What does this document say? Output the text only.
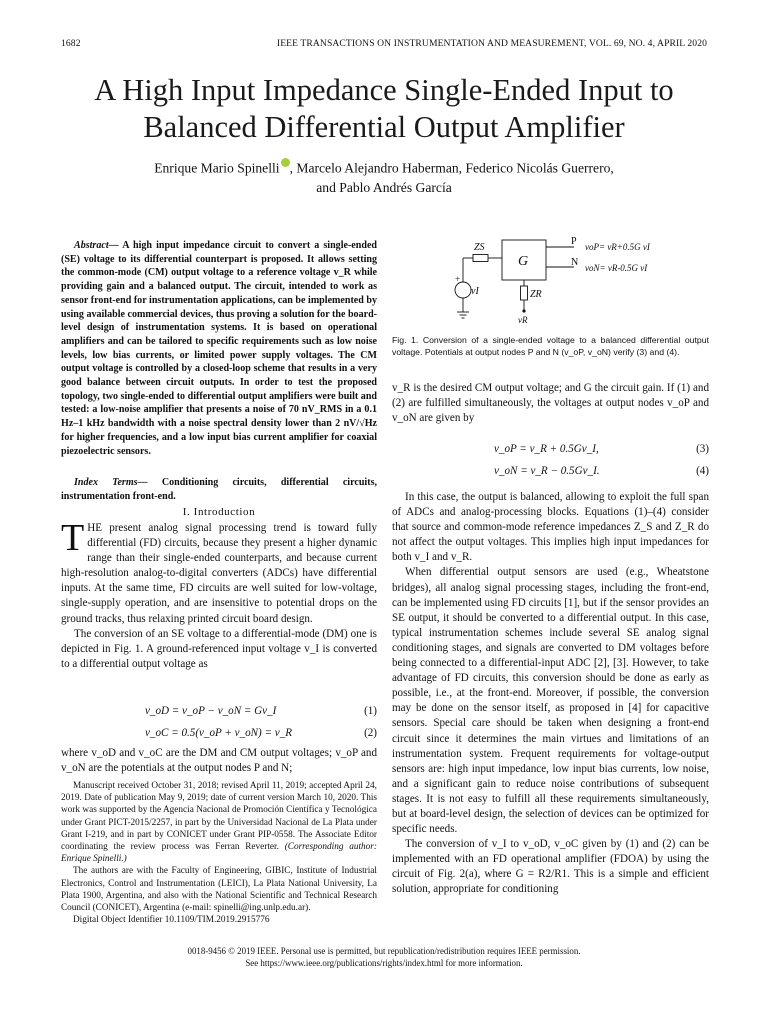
1682	IEEE TRANSACTIONS ON INSTRUMENTATION AND MEASUREMENT, VOL. 69, NO. 4, APRIL 2020
A High Input Impedance Single-Ended Input to
Balanced Differential Output Amplifier
Enrique Mario Spinelli , Marcelo Alejandro Haberman, Federico Nicolás Guerrero,
and Pablo Andrés García

Abstract— A high input impedance circuit to convert a single-ended (SE) voltage to its differential counterpart is proposed. It allows setting the common-mode (CM) output voltage to a reference voltage v_R while providing gain and a balanced output. The circuit, intended to work as sensor front-end for instrumentation applications, can be implemented by using available commercial devices, thus proving a solution for the board-level design of instrumentation systems. It is based on operational amplifiers and can be tailored to specific requirements such as low noise levels, low bias currents, or limited power supply voltages. The CM output voltage is controlled by a closed-loop scheme that results in a very good balance between circuit outputs. In order to test the proposed topology, two single-ended to differential output amplifiers were built and tested: a low-noise amplifier that presents a noise of 70 nV_RMS in a 0.1 Hz–1 kHz bandwidth with a noise spectral density lower than 2 nV/√Hz for higher frequencies, and a low input bias current amplifier for coaxial piezoelectric sensors.

Index Terms— Conditioning circuits, differential circuits, instrumentation front-end.

I. Introduction

THE present analog signal processing trend is toward fully differential (FD) circuits, because they present a higher dynamic range than their single-ended counterparts, and because current high-resolution analog-to-digital converters (ADCs) have differential inputs. At the same time, FD circuits are well suited for low-voltage, single-supply operation, and are insensitive to potential drops on the ground tracks, thus relaxing printed circuit board design.

The conversion of an SE voltage to a differential-mode (DM) one is depicted in Fig. 1. A ground-referenced input voltage v_I is converted to a differential output voltage as

v_oD = v_oP − v_oN = Gv_I	(1)
v_oC = 0.5(v_oP + v_oN) = v_R	(2)

where v_oD and v_oC are the DM and CM output voltages; v_oP and v_oN are the potentials at the output nodes P and N;

Manuscript received October 31, 2018; revised April 11, 2019; accepted April 24, 2019. Date of publication May 9, 2019; date of current version March 10, 2020. This work was supported by the Agencia Nacional de Promoción Científica y Tecnológica under Grant PICT-2015/2257, in part by the Universidad Nacional de La Plata under Grant I-219, and in part by CONICET under Grant PIP-0558. The Associate Editor coordinating the review process was Ferran Reverter. (Corresponding author: Enrique Spinelli.)

The authors are with the Faculty of Engineering, GIBIC, Institute of Industrial Electronics, Control and Instrumentation (LEICI), La Plata National University, La Plata 1900, Argentina, and also with the National Scientific and Technical Research Council (CONICET), Argentina (e-mail: spinelli@ing.unlp.edu.ar).

Digital Object Identifier 10.1109/TIM.2019.2915776

ZS
G
ZR
vI
vR
+
P
N
voP= vR+0.5G vI
voN= vR-0.5G vI

Fig. 1. Conversion of a single-ended voltage to a balanced differential output voltage. Potentials at output nodes P and N (v_oP, v_oN) verify (3) and (4).

v_R is the desired CM output voltage; and G the circuit gain. If (1) and (2) are fulfilled simultaneously, the voltages at output nodes v_oP and v_oN are given by

v_oP = v_R + 0.5Gv_I,	(3)
v_oN = v_R − 0.5Gv_I.	(4)

In this case, the output is balanced, allowing to exploit the full span of ADCs and analog-processing blocks. Equations (1)–(4) consider that source and common-mode reference impedances Z_S and Z_R do not affect the output voltages. This implies high input impedances for both v_I and v_R.

When differential output sensors are used (e.g., Wheatstone bridges), all analog signal processing stages, including the front-end, can be implemented using FD circuits [1], but if the sensor provides an SE output, it should be converted to a differential output. In this case, typical instrumentation schemes include several SE analog signal conditioning stages, and signals are converted to DM voltages before being connected to a differential-input ADC [2], [3]. However, to take advantage of FD circuits, this conversion should be done as early as possible, i.e., at the front-end. Moreover, if possible, the conversion may be done on the sensor itself, as proposed in [4] for capacitive sensors. Special care should be taken when designing a front-end circuit since it determines the main virtues and limitations of an instrumentation system. Frequent requirements for voltage-output sensors are: high input impedance, low input bias currents, low noise, and a significant gain to reduce noise contributions of subsequent stages. It is not easy to fulfill all these requirements simultaneously, but at board-level design, the selection of devices can be optimized for specific needs.

The conversion of v_I to v_oD, v_oC given by (1) and (2) can be implemented with an FD operational amplifier (FDOA) by using the circuit of Fig. 2(a), where G = R2/R1. This is a simple and efficient solution, appropriate for conditioning

0018-9456 © 2019 IEEE. Personal use is permitted, but republication/redistribution requires IEEE permission.
See https://www.ieee.org/publications/rights/index.html for more information.
